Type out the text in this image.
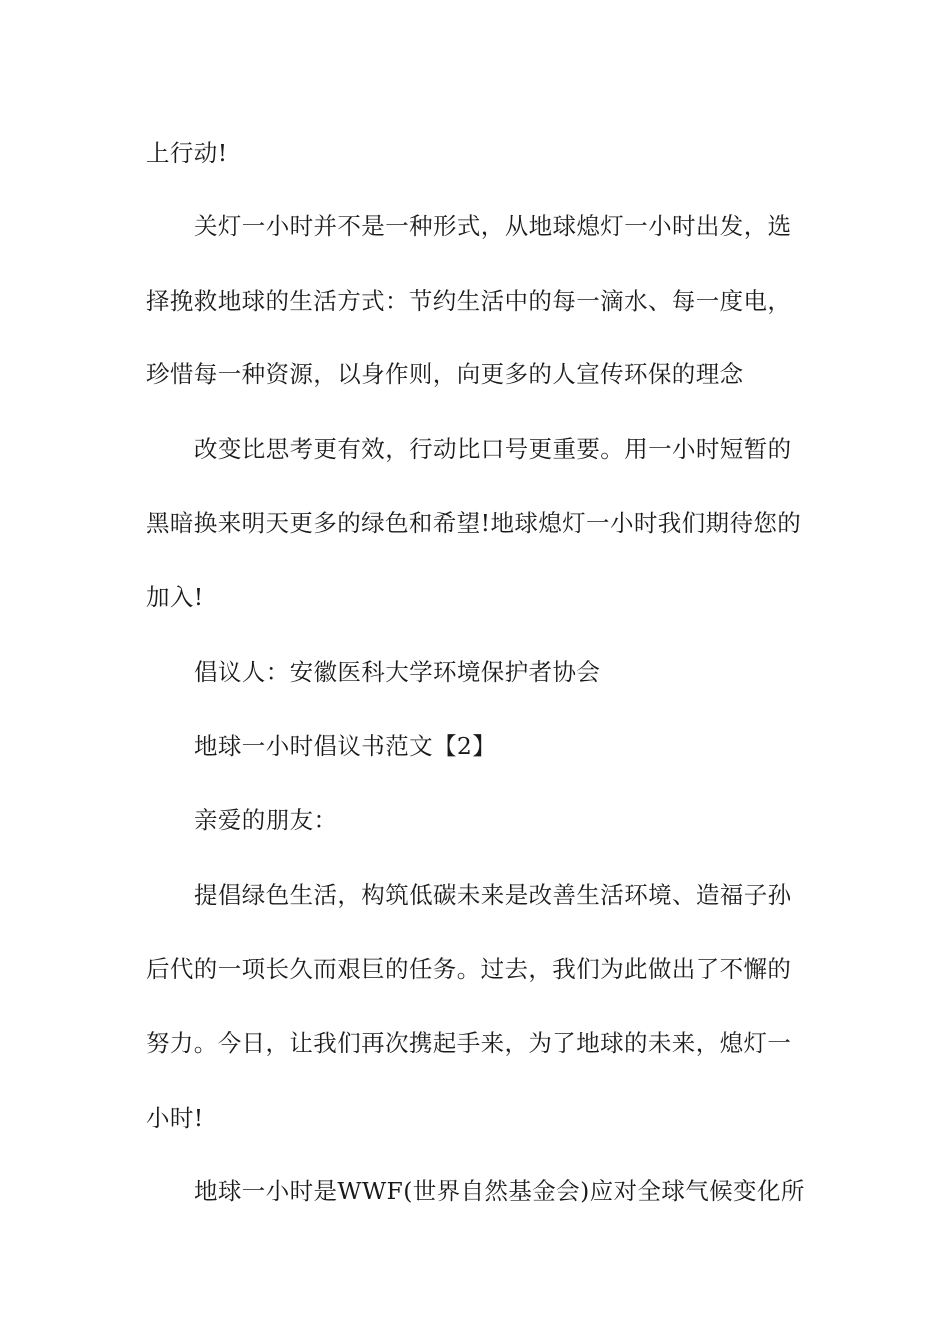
上行动!
关灯一小时并不是一种形式，从地球熄灯一小时出发，选
择挽救地球的生活方式：节约生活中的每一滴水、每一度电，
珍惜每一种资源，以身作则，向更多的人宣传环保的理念
改变比思考更有效，行动比口号更重要。用一小时短暂的
黑暗换来明天更多的绿色和希望!地球熄灯一小时我们期待您的
加入!
倡议人：安徽医科大学环境保护者协会
地球一小时倡议书范文【2】
亲爱的朋友：
提倡绿色生活，构筑低碳未来是改善生活环境、造福子孙
后代的一项长久而艰巨的任务。过去，我们为此做出了不懈的
努力。今日，让我们再次携起手来，为了地球的未来，熄灯一
小时!
地球一小时是WWF(世界自然基金会)应对全球气候变化所
